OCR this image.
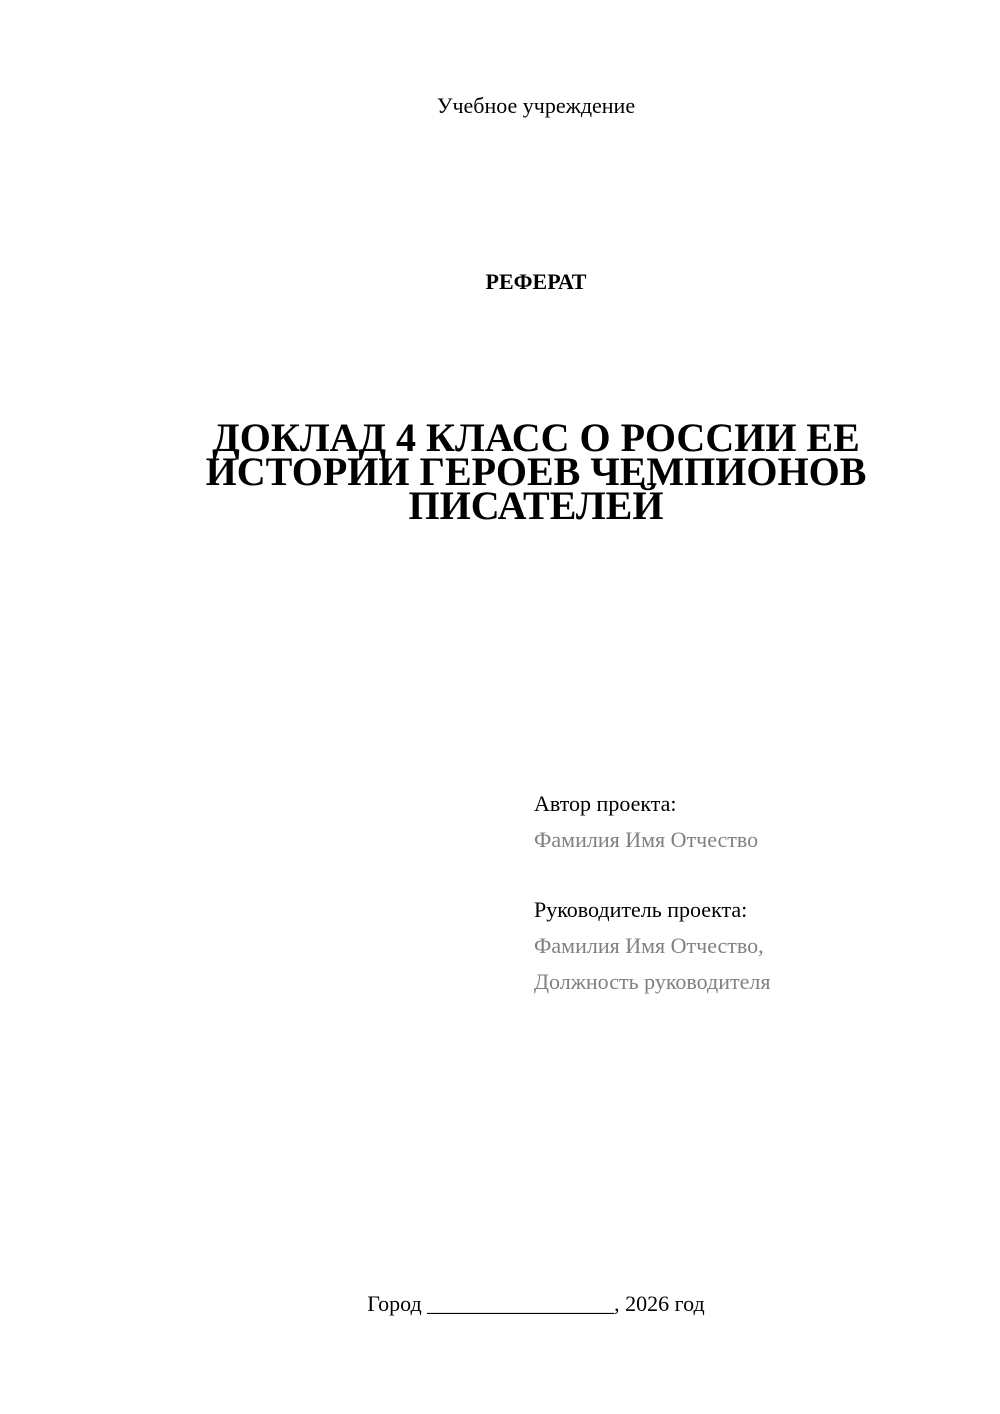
Учебное учреждение
РЕФЕРАТ
ДОКЛАД 4 КЛАСС О РОССИИ ЕЕ
ИСТОРИИ ГЕРОЕВ ЧЕМПИОНОВ
ПИСАТЕЛЕЙ
Автор проекта:
Фамилия Имя Отчество
Руководитель проекта:
Фамилия Имя Отчество,
Должность руководителя
Город _________________, 2026 год
